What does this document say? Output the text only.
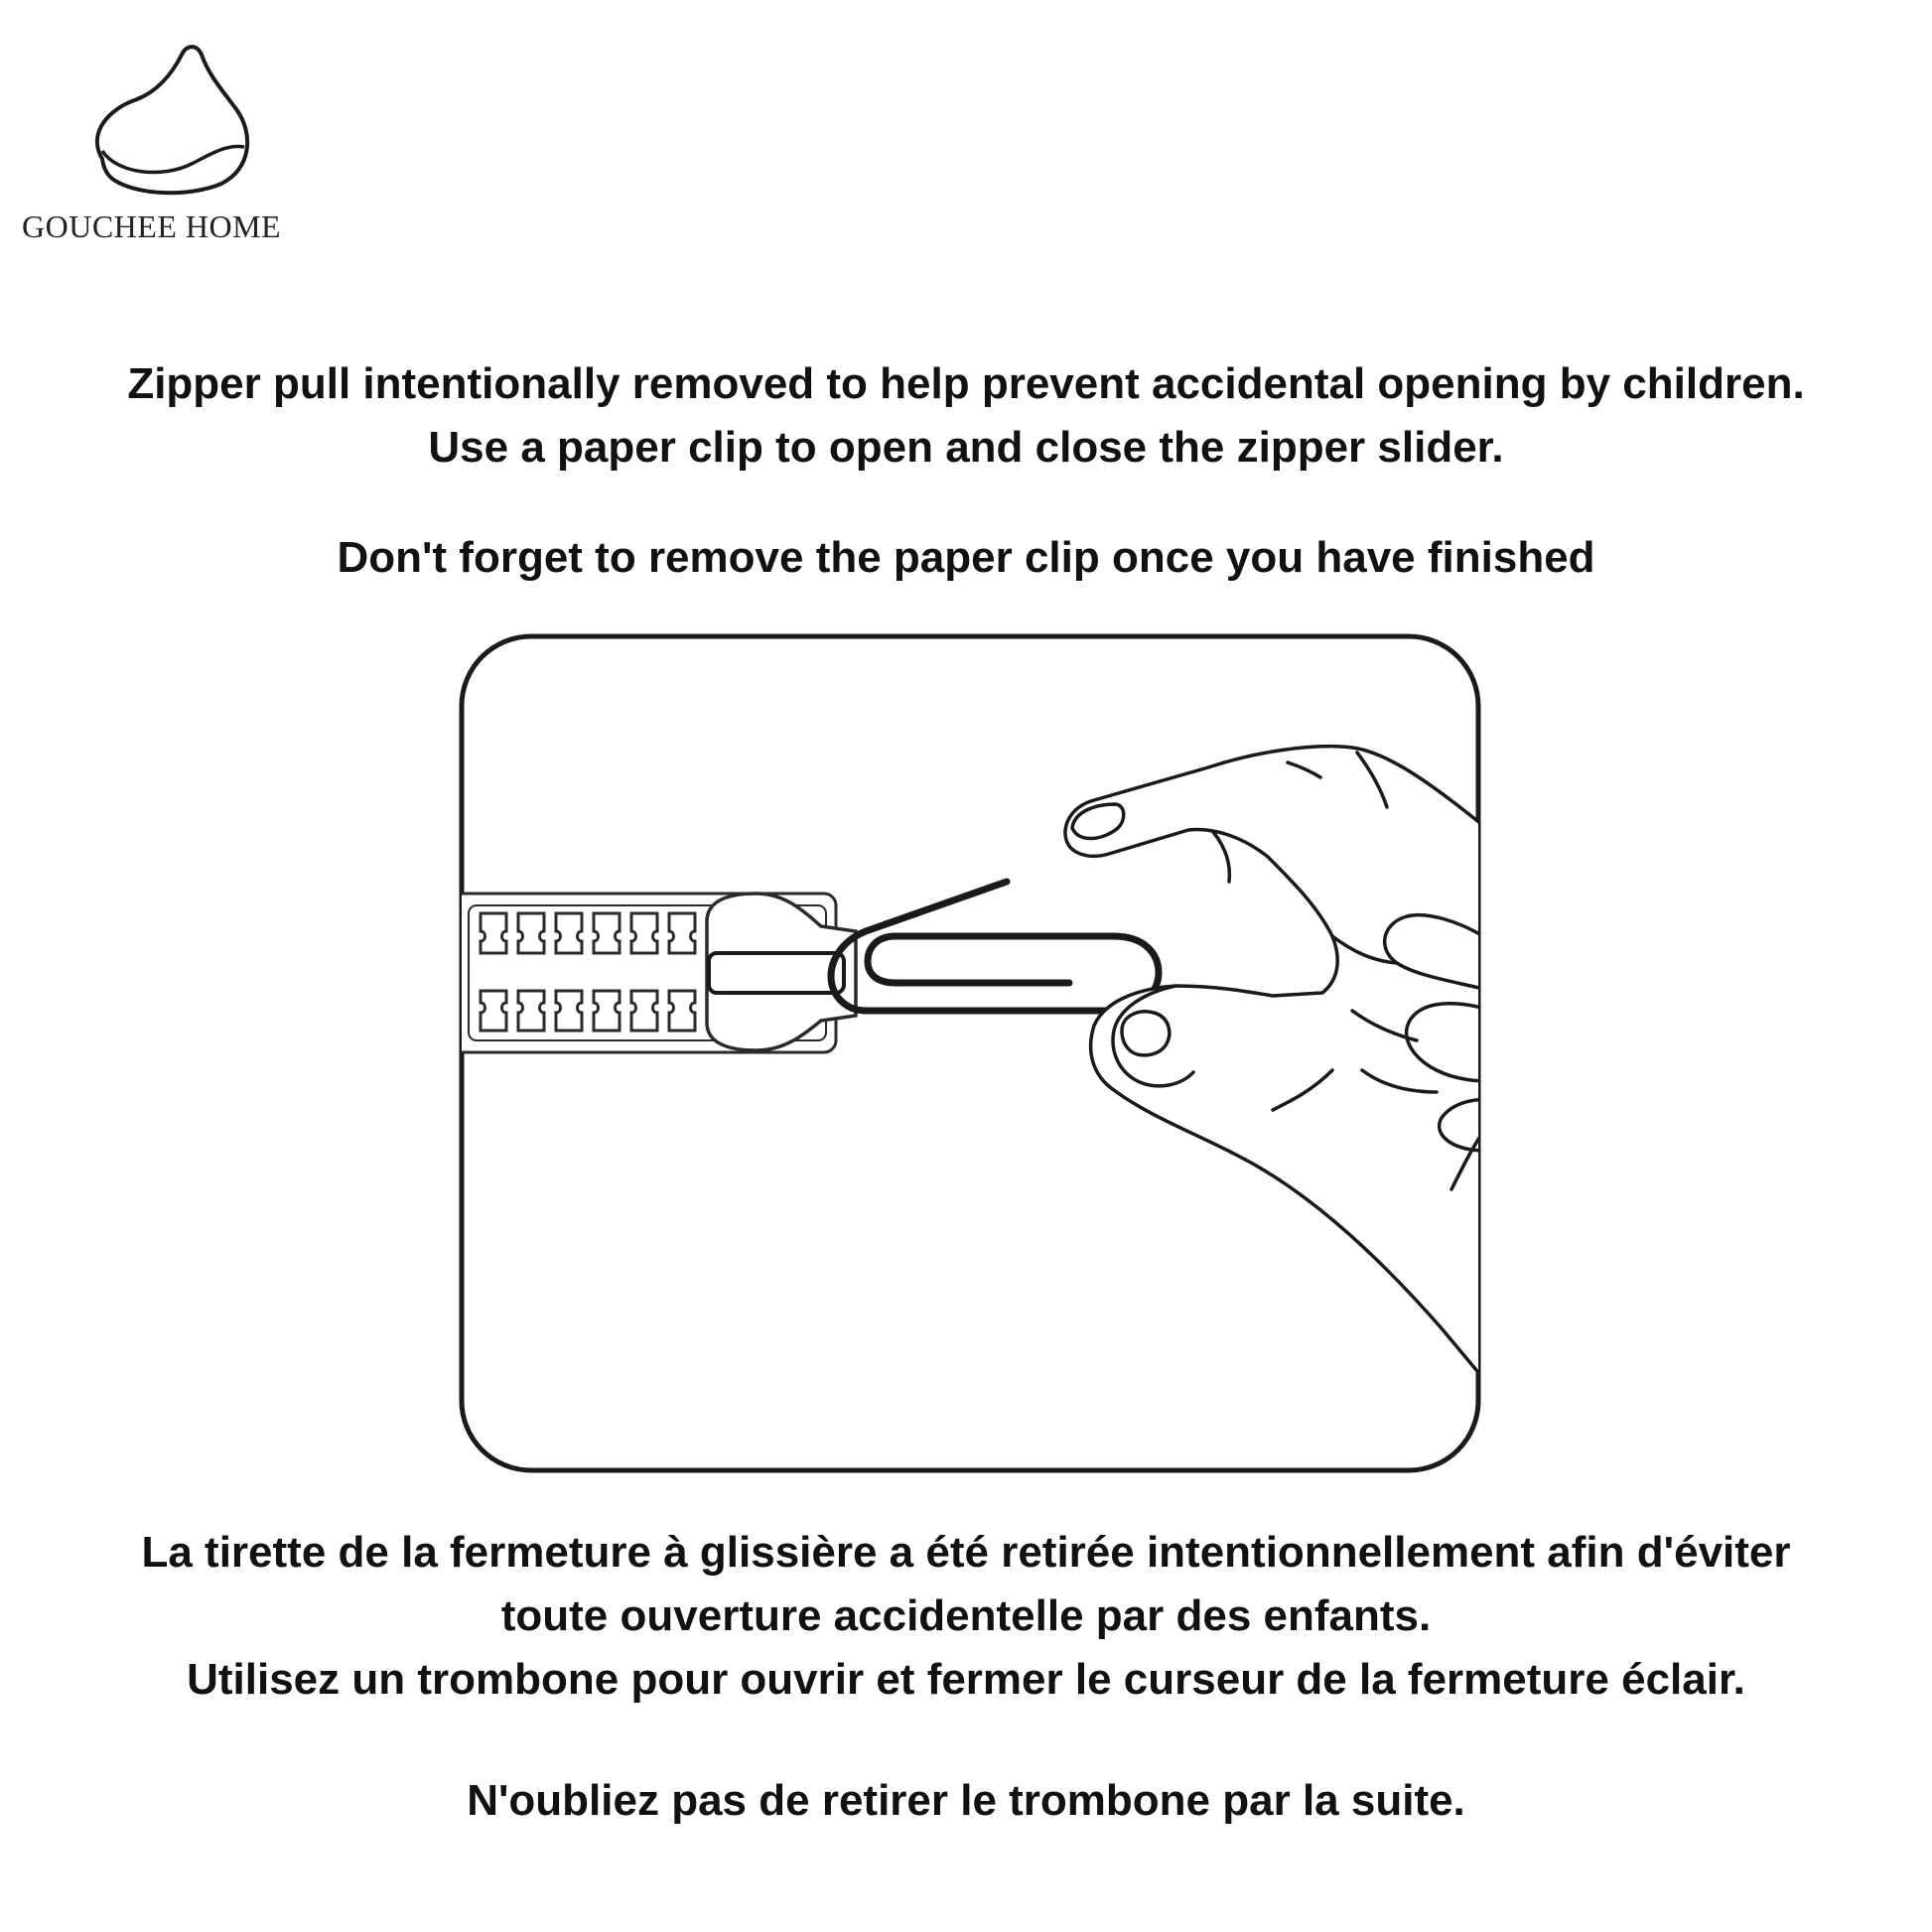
GOUCHEE HOME
Zipper pull intentionally removed to help prevent accidental opening by children.
Use a paper clip to open and close the zipper slider.
Don't forget to remove the paper clip once you have finished
La tirette de la fermeture à glissière a été retirée intentionnellement afin d'éviter
toute ouverture accidentelle par des enfants.
Utilisez un trombone pour ouvrir et fermer le curseur de la fermeture éclair.
N'oubliez pas de retirer le trombone par la suite.
